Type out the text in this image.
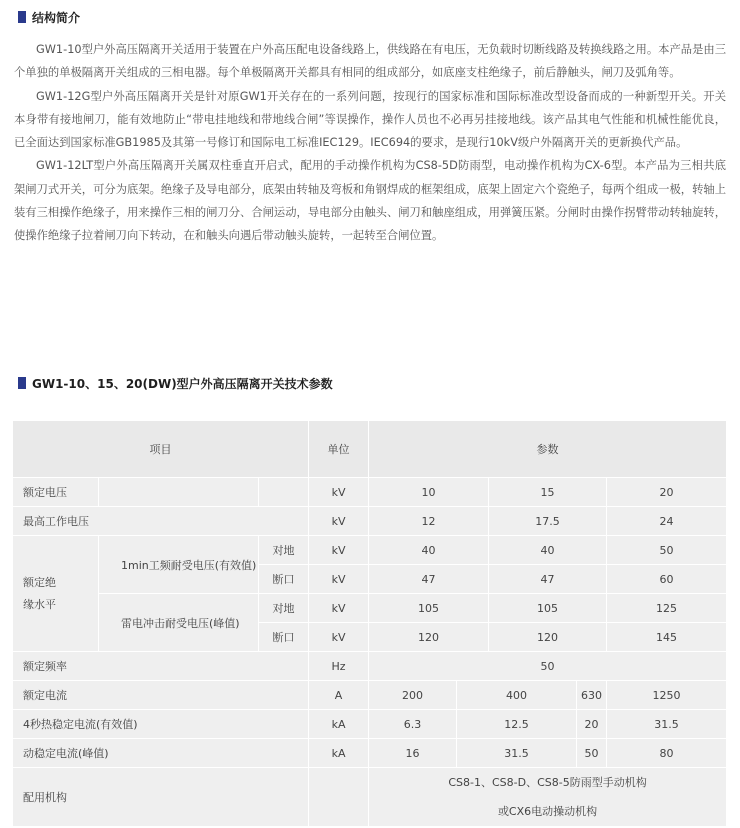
结构简介

GW1-10型户外高压隔离开关适用于装置在户外高压配电设备线路上，供线路在有电压，无负载时切断线路及转换线路之用。本产品是由三个单独的单极隔离开关组成的三相电器。每个单极隔离开关都具有相同的组成部分，如底座支柱绝缘子，前后静触头，闸刀及弧角等。

GW1-12G型户外高压隔离开关是针对原GW1开关存在的一系列问题，按现行的国家标准和国际标准改型设备而成的一种新型开关。开关本身带有接地闸刀，能有效地防止“带电挂地线和带地线合闸”等误操作，操作人员也不必再另挂接地线。该产品其电气性能和机械性能优良，已全面达到国家标准GB1985及其第一号修订和国际电工标准IEC129。IEC694的要求，是现行10kV级户外隔离开关的更新换代产品。

GW1-12LT型户外高压隔离开关属双柱垂直开启式，配用的手动操作机构为CS8-5D防雨型，电动操作机构为CX-6型。本产品为三相共底架闸刀式开关，可分为底架。绝缘子及导电部分，底架由转轴及弯板和角钢焊成的框架组成，底架上固定六个瓷绝子，每两个组成一极，转轴上装有三相操作绝缘子，用来操作三相的闸刀分、合闸运动，导电部分由触头、闸刀和触座组成，用弹簧压紧。分闸时由操作拐臂带动转轴旋转，使操作绝缘子拉着闸刀向下转动，在和触头向遇后带动触头旋转，一起转至合闸位置。

GW1-10、15、20(DW)型户外高压隔离开关技术参数
项目			单位	参数				
额定电压			kV	10		15		20
最高工作电压			kV	12		17.5		24
额定绝
缘水平	1min工频耐受电压(有效值)	对地	kV	40		40		50
		断口	kV	47		47		60
	雷电冲击耐受电压(峰值)	对地	kV	105		105		125
		断口	kV	120		120		145
额定频率			Hz	50				
额定电流			A	200	400		630	1250
4秒热稳定电流(有效值)			kA	6.3	12.5		20	31.5
动稳定电流(峰值)			kA	16	31.5		50	80
配用机构				CS8-1、CS8-D、CS8-5防雨型手动机构
或CX6电动操动机构				
